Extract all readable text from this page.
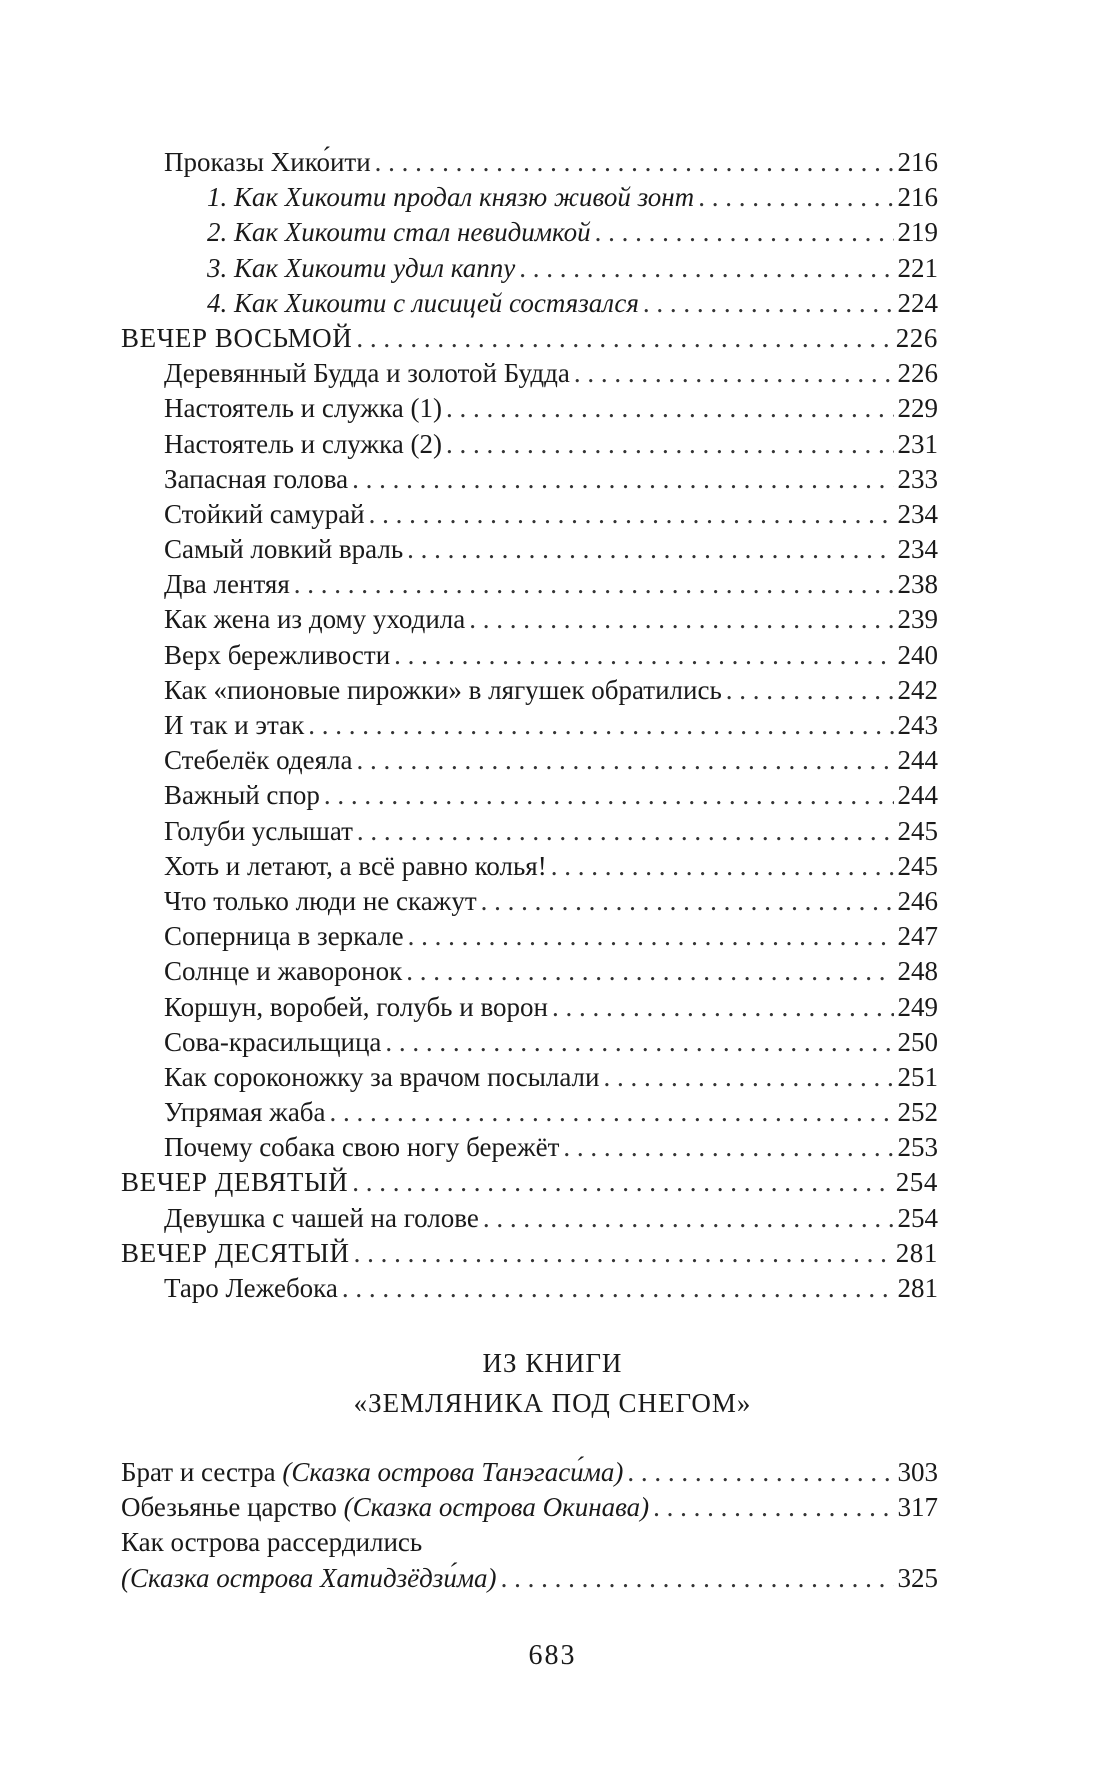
Проказы Хико́ити . . .	216
1. Как Хикоити продал князю живой зонт . . .	216
2. Как Хикоити стал невидимкой . . .	219
3. Как Хикоити удил каппу . . .	221
4. Как Хикоити с лисицей состязался . . .	224
ВЕЧЕР ВОСЬМОЙ . . .	226
Деревянный Будда и золотой Будда . . .	226
Настоятель и служка (1) . . .	229
Настоятель и служка (2) . . .	231
Запасная голова . . .	233
Стойкий самурай . . .	234
Самый ловкий враль . . .	234
Два лентяя . . .	238
Как жена из дому уходила . . .	239
Верх бережливости . . .	240
Как «пионовые пирожки» в лягушек обратились . . .	242
И так и этак . . .	243
Стебелёк одеяла . . .	244
Важный спор . . .	244
Голуби услышат . . .	245
Хоть и летают, а всё равно колья! . . .	245
Что только люди не скажут . . .	246
Соперница в зеркале . . .	247
Солнце и жаворонок . . .	248
Коршун, воробей, голубь и ворон . . .	249
Сова-красильщица . . .	250
Как сороконожку за врачом посылали . . .	251
Упрямая жаба . . .	252
Почему собака свою ногу бережёт . . .	253
ВЕЧЕР ДЕВЯТЫЙ . . .	254
Девушка с чашей на голове . . .	254
ВЕЧЕР ДЕСЯТЫЙ . . .	281
Таро Лежебока . . .	281
ИЗ КНИГИ
«ЗЕМЛЯНИКА ПОД СНЕГОМ»
Брат и сестра (Сказка острова Танэгаси́ма) . . .	303
Обезьянье царство (Сказка острова Окинава) . . .	317
Как острова рассердились
(Сказка острова Хатидзёдзи́ма) . . .	325
683
